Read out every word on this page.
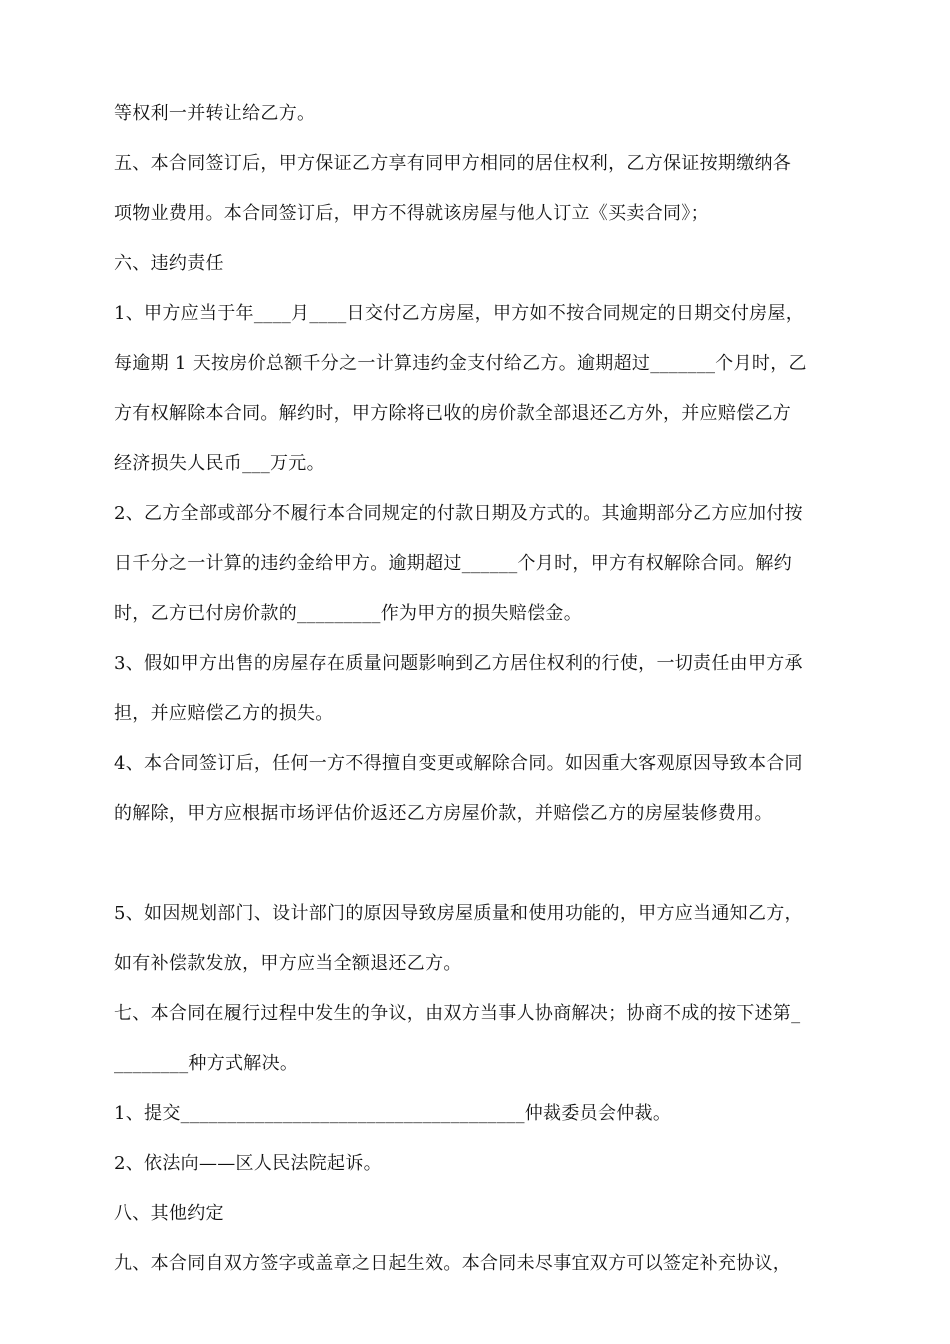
等权利一并转让给乙方。
五、本合同签订后，甲方保证乙方享有同甲方相同的居住权利，乙方保证按期缴纳各
项物业费用。本合同签订后，甲方不得就该房屋与他人订立《买卖合同》；
六、违约责任
1、甲方应当于年____月____日交付乙方房屋，甲方如不按合同规定的日期交付房屋，
每逾期 1 天按房价总额千分之一计算违约金支付给乙方。逾期超过_______个月时，乙
方有权解除本合同。解约时，甲方除将已收的房价款全部退还乙方外，并应赔偿乙方
经济损失人民币___万元。
2、乙方全部或部分不履行本合同规定的付款日期及方式的。其逾期部分乙方应加付按
日千分之一计算的违约金给甲方。逾期超过______个月时，甲方有权解除合同。解约
时，乙方已付房价款的_________作为甲方的损失赔偿金。
3、假如甲方出售的房屋存在质量问题影响到乙方居住权利的行使，一切责任由甲方承
担，并应赔偿乙方的损失。
4、本合同签订后，任何一方不得擅自变更或解除合同。如因重大客观原因导致本合同
的解除，甲方应根据市场评估价返还乙方房屋价款，并赔偿乙方的房屋装修费用。
5、如因规划部门、设计部门的原因导致房屋质量和使用功能的，甲方应当通知乙方，
如有补偿款发放，甲方应当全额退还乙方。
七、本合同在履行过程中发生的争议，由双方当事人协商解决；协商不成的按下述第_
________种方式解决。
1、提交_____________________________________仲裁委员会仲裁。
2、依法向——区人民法院起诉。
八、其他约定
九、本合同自双方签字或盖章之日起生效。本合同未尽事宜双方可以签定补充协议，
